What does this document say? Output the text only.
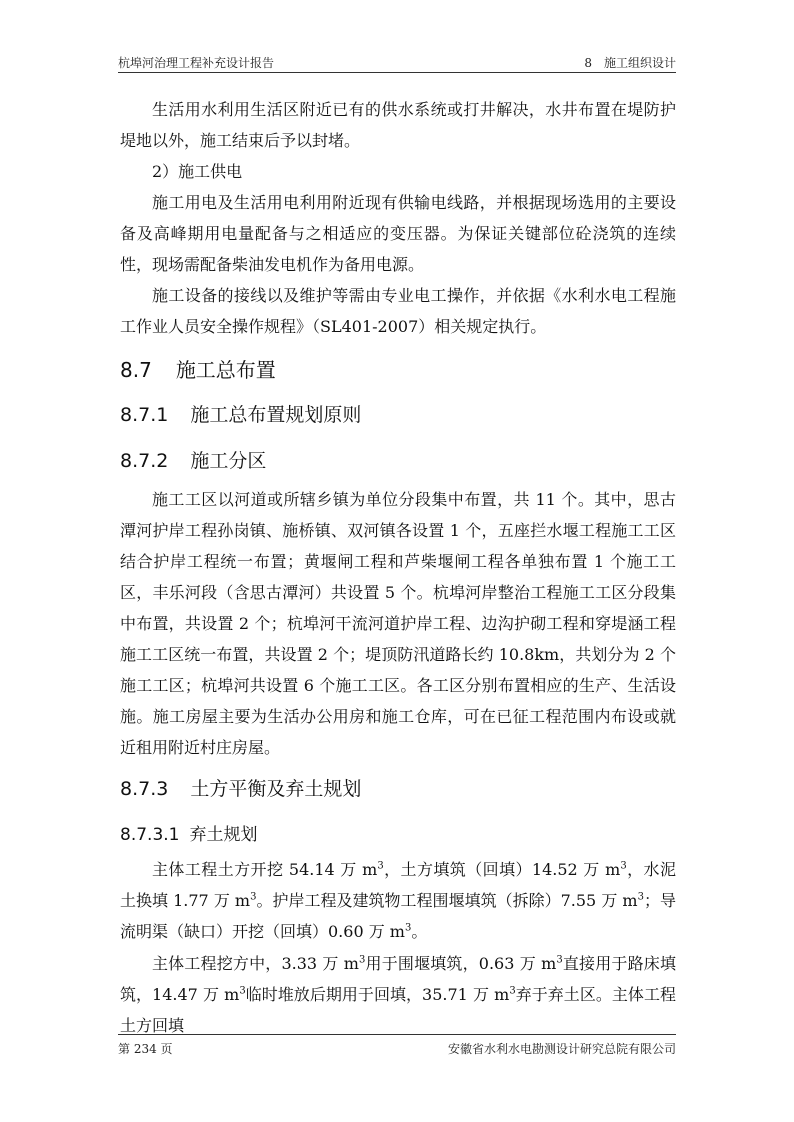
杭埠河治理工程补充设计报告	8　施工组织设计

生活用水利用生活区附近已有的供水系统或打井解决，水井布置在堤防护堤地以外，施工结束后予以封堵。

2）施工供电

施工用电及生活用电利用附近现有供输电线路，并根据现场选用的主要设备及高峰期用电量配备与之相适应的变压器。为保证关键部位砼浇筑的连续性，现场需配备柴油发电机作为备用电源。

施工设备的接线以及维护等需由专业电工操作，并依据《水利水电工程施工作业人员安全操作规程》（SL401-2007）相关规定执行。

8.7 施工总布置
8.7.1 施工总布置规划原则
8.7.2 施工分区

施工工区以河道或所辖乡镇为单位分段集中布置，共 11 个。其中，思古潭河护岸工程孙岗镇、施桥镇、双河镇各设置 1 个，五座拦水堰工程施工工区结合护岸工程统一布置；黄堰闸工程和芦柴堰闸工程各单独布置 1 个施工工区，丰乐河段（含思古潭河）共设置 5 个。杭埠河岸整治工程施工工区分段集中布置，共设置 2 个；杭埠河干流河道护岸工程、边沟护砌工程和穿堤涵工程施工工区统一布置，共设置 2 个；堤顶防汛道路长约 10.8km，共划分为 2 个施工工区；杭埠河共设置 6 个施工工区。各工区分别布置相应的生产、生活设施。施工房屋主要为生活办公用房和施工仓库，可在已征工程范围内布设或就近租用附近村庄房屋。

8.7.3 土方平衡及弃土规划
8.7.3.1 弃土规划

主体工程土方开挖 54.14 万 $m^3$，土方填筑（回填）14.52 万 $m^3$，水泥土换填 1.77 万 $m^3$。护岸工程及建筑物工程围堰填筑（拆除）7.55 万 $m^3$；导流明渠（缺口）开挖（回填）0.60 万 $m^3$。

主体工程挖方中，3.33 万 $m^3$用于围堰填筑，0.63 万 $m^3$直接用于路床填筑，14.47 万 $m^3$临时堆放后期用于回填，35.71 万 $m^3$弃于弃土区。主体工程土方回填

第 234 页	安徽省水利水电勘测设计研究总院有限公司
